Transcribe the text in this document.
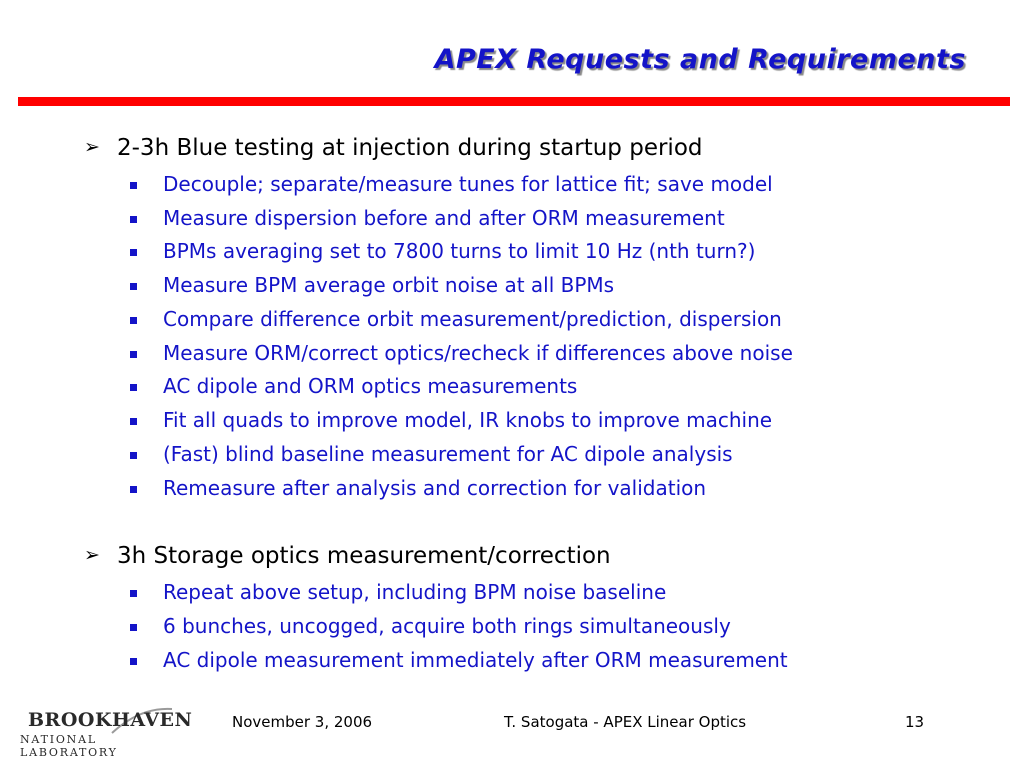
APEX Requests and Requirements
➢ 2-3h Blue testing at injection during startup period
Decouple; separate/measure tunes for lattice fit; save model
Measure dispersion before and after ORM measurement
BPMs averaging set to 7800 turns to limit 10 Hz (nth turn?)
Measure BPM average orbit noise at all BPMs
Compare difference orbit measurement/prediction, dispersion
Measure ORM/correct optics/recheck if differences above noise
AC dipole and ORM optics measurements
Fit all quads to improve model, IR knobs to improve machine
(Fast) blind baseline measurement for AC dipole analysis
Remeasure after analysis and correction for validation
➢ 3h Storage optics measurement/correction
Repeat above setup, including BPM noise baseline
6 bunches, uncogged, acquire both rings simultaneously
AC dipole measurement immediately after ORM measurement
BROOKHAVEN
NATIONAL LABORATORY
November 3, 2006	T. Satogata - APEX Linear Optics	13
